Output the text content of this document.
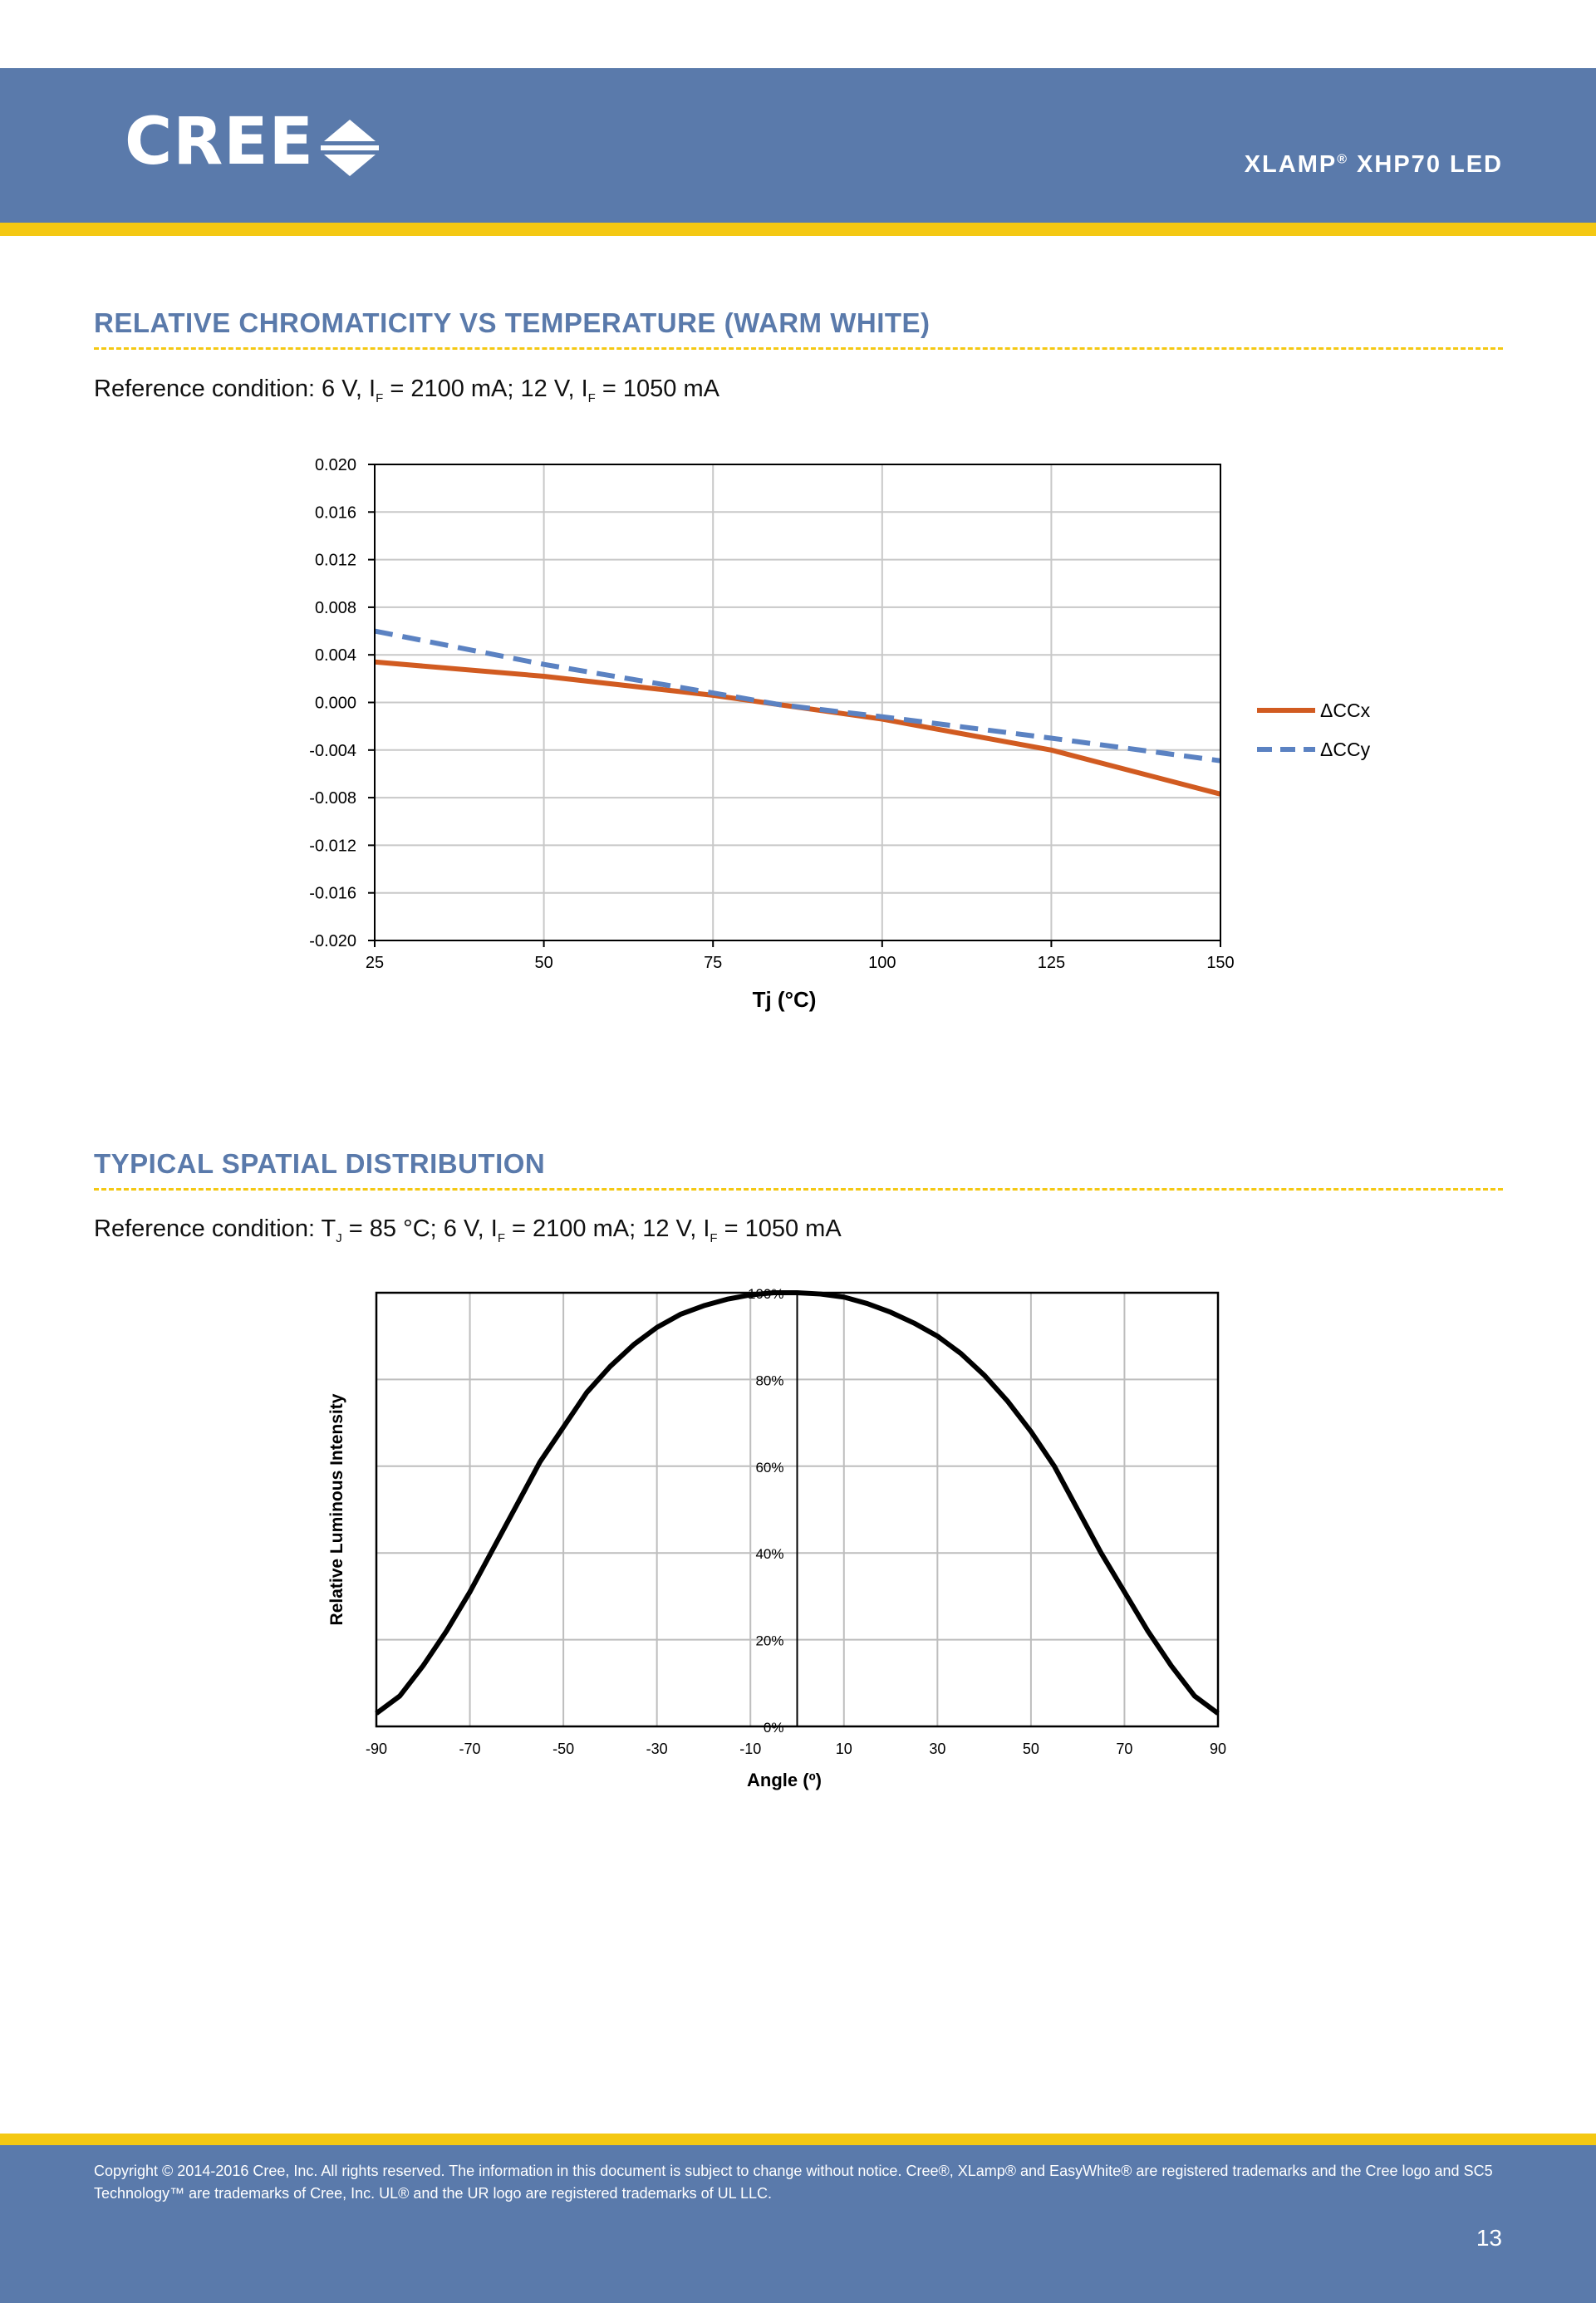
CREE	XLAMP® XHP70 LED
RELATIVE CHROMATICITY VS TEMPERATURE (WARM WHITE)
Reference condition: 6 V, $I_F = 2100$ mA; 12 V, $I_F = 1050$ mA
0.020
0.016
0.012
0.008
0.004
0.000
-0.004
-0.008
-0.012
-0.016
-0.020
25	50	75	100	125	150
Tj (°C)
ΔCCx
ΔCCy
TYPICAL SPATIAL DISTRIBUTION
Reference condition: $T_J = 85$ °C; 6 V, $I_F = 2100$ mA; 12 V, $I_F = 1050$ mA
0%
20%
40%
60%
80%
100%
-90	-70	-50	-30	-10	10	30	50	70	90
Angle (º)
Relative Luminous Intensity
Copyright © 2014-2016 Cree, Inc. All rights reserved. The information in this document is subject to change without notice. Cree®, XLamp® and EasyWhite® are registered trademarks and the Cree logo and SC5 Technology™ are trademarks of Cree, Inc. UL® and the UR logo are registered trademarks of UL LLC.
13
